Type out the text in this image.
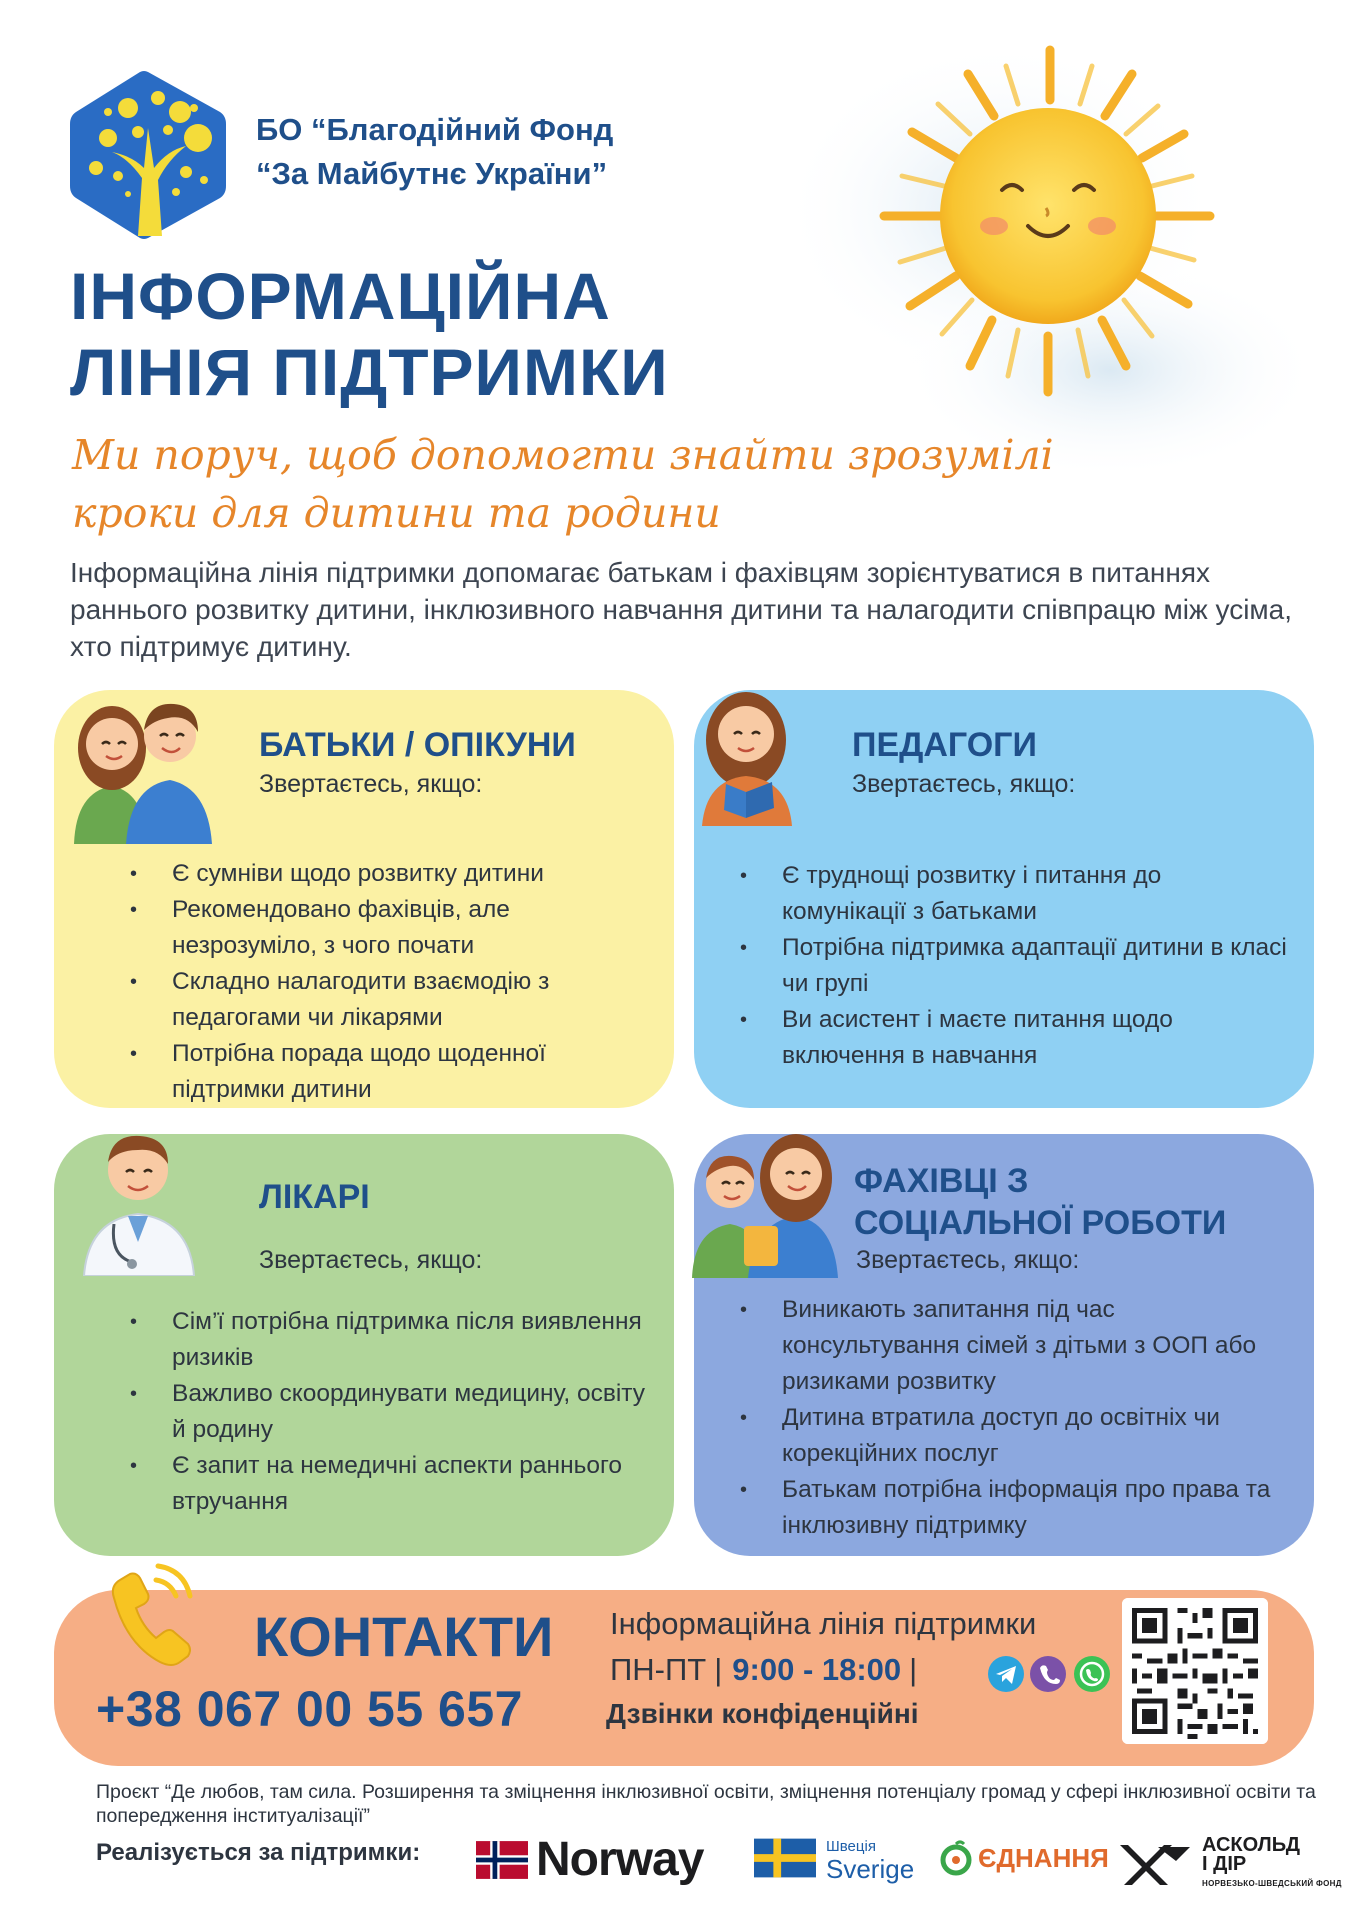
БО “Благодійний Фонд
“За Майбутнє України”
ІНФОРМАЦІЙНА
ЛІНІЯ ПІДТРИМКИ
Ми поруч, щоб допомогти знайти зрозумілі
кроки для дитини та родини
Інформаційна лінія підтримки допомагає батькам і фахівцям зорієнтуватися в питаннях раннього розвитку дитини, інклюзивного навчання дитини та налагодити співпрацю між усіма, хто підтримує дитину.
БАТЬКИ / ОПІКУНИ
Звертаєтесь, якщо:
• Є сумніви щодо розвитку дитини
• Рекомендовано фахівців, але незрозуміло, з чого почати
• Складно налагодити взаємодію з педагогами чи лікарями
• Потрібна порада щодо щоденної підтримки дитини
ПЕДАГОГИ
Звертаєтесь, якщо:
• Є труднощі розвитку і питання до комунікації з батьками
• Потрібна підтримка адаптації дитини в класі чи групі
• Ви асистент і маєте питання щодо включення в навчання
ЛІКАРІ
Звертаєтесь, якщо:
• Сім’ї потрібна підтримка після виявлення ризиків
• Важливо скоординувати медицину, освіту й родину
• Є запит на немедичні аспекти раннього втручання
ФАХІВЦІ З
СОЦІАЛЬНОЇ РОБОТИ
Звертаєтесь, якщо:
• Виникають запитання під час консультування сімей з дітьми з ООП або ризиками розвитку
• Дитина втратила доступ до освітніх чи корекційних послуг
• Батькам потрібна інформація про права та інклюзивну підтримку
КОНТАКТИ
+38 067 00 55 657
Інформаційна лінія підтримки
ПН-ПТ | 9:00 - 18:00 |
Дзвінки конфіденційні
Проєкт “Де любов, там сила. Розширення та зміцнення інклюзивної освіти, зміцнення потенціалу громад у сфері інклюзивної освіти та попередження інституалізації”
Реалізується за підтримки: Norway	Швеція
Sverige ЄДНАННЯ	АСКОЛЬД
І ДІР
НОРВЕЗЬКО-ШВЕДСЬКИЙ ФОНД
